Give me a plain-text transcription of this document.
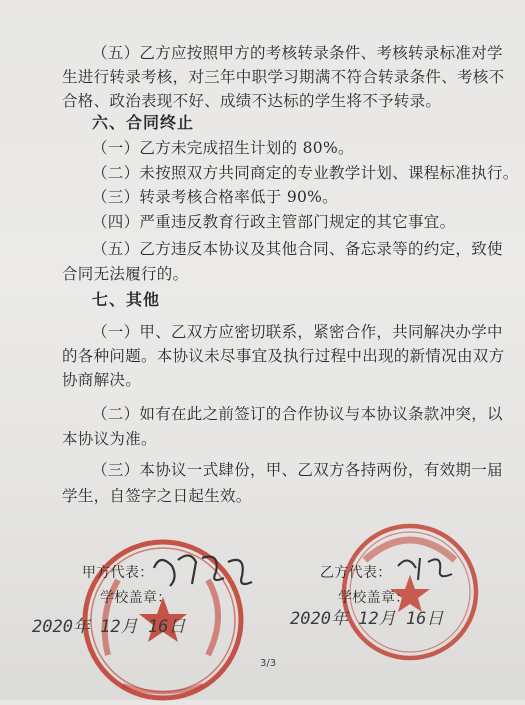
（五）乙方应按照甲方的考核转录条件、考核转录标准对学
生进行转录考核，对三年中职学习期满不符合转录条件、考核不
合格、政治表现不好、成绩不达标的学生将不予转录。
六、合同终止
（一）乙方未完成招生计划的 80%。
（二）未按照双方共同商定的专业教学计划、课程标准执行。
（三）转录考核合格率低于 90%。
（四）严重违反教育行政主管部门规定的其它事宜。
（五）乙方违反本协议及其他合同、备忘录等的约定，致使
合同无法履行的。
七、其他
（一）甲、乙双方应密切联系，紧密合作，共同解决办学中
的各种问题。本协议未尽事宜及执行过程中出现的新情况由双方
协商解决。
（二）如有在此之前签订的合作协议与本协议条款冲突，以
本协议为准。
（三）本协议一式肆份，甲、乙双方各持两份，有效期一届
学生，自签字之日起生效。
甲方代表：
学校盖章：
2020年 12月 16日
乙方代表：
学校盖章：
2020年 12月 16日
3/3
